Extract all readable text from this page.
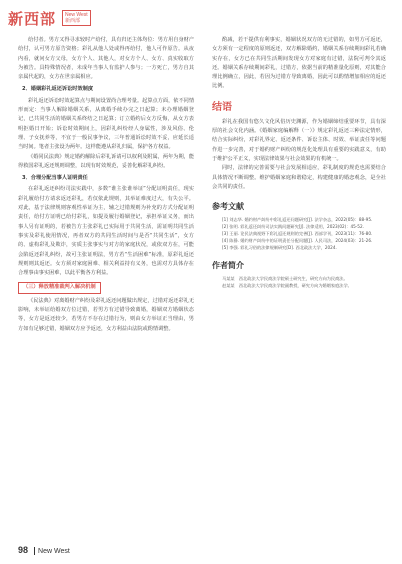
新西部 New West
新西部

给付者。男方又得寻求较时产给付，具有归还主体均位：男方用自身财产给付，认可男方原告资格；彩礼从他人处或得再给付，他人可作原告。从夜内看，就问女方父母，女方个人、其他人，对女方个人、女方、真实收取方为被告。具特殊情况者，未成年当事人有监护人参与；一方死亡，男方自其亲属代起的，女方在世亲属相应。

2．婚姻彩礼返还诉讼时效制度

彩礼返还诉讼时效起算点与期间设置尚合理考量。起算点方面，依不同情形而定：当事人解除婚姻关系，从离婚手续办完之日起算；未办理婚姻登记，已共同生活的婚姻关系终结之日起算；订立婚约后女方反悔，从女方表明拒婚日开始；诉讼时效期间上，因彩礼纠纷经人身属性，涉及风俗、伦理、子女抚养等，不宜于一般民事争议，三年普通诉讼时效不妥，应延长适当时间。笔者主张设为两年。这样能遵从彩礼归属，保护各方权益。

《婚同民法典》规定婚约解除后彩礼诉请可以权利及附属，两年为期，能得救国彩礼返还规则调整，以现有时效规范，妥善化解彩礼纠纷。

3．合理分配当事人证明责任

在彩礼返还纠纷司法实践中，多数“谁主张谁举证”分配证明责任，现实彩礼履给付方请求返还彩礼，若仅依此规则，其举证难度过大，有失公平。对此，基于法律规则客观性举证为主，辅之过错规则为补充的方式分配证明责任，给付方证明已给付彩礼，如提及履行婚姻登记，承担举证义务，而出事人另有证明的，若被告方主张彩礼已实际用于共同生活，需证明共同生活事实及彩礼使用情况，再者双方的共同生活时间与是否“共同生活”，女方的、虚构彩礼及欺诈，实质主张事实与对方的家庭状况，或依双方在，可能会陷返还彩礼纠纷，故可主张证明法，男方若“生活困难”标准，原彩礼返还规则则其返还。女方须对家庭困难、相关利益持有义务，也需对方具体存在合理事由事实困难，以此平衡各方利益。

（三）释放精准裁判入解决机制

《民法典》对离婚财产纠纷及彩礼返还问题做出规定，过错对返还彩礼无影响，未举证给婚双方位过错，若男方有过错导致离婚，婚姻双方婚姻状态等，女方是返还较少，若男方不存在过错行为，则由女方举证正当理由，男方如有足够过错，婚姻双方应予返还，女方利益由法院或酌情调整。

酌减，若干提供有利事实，婚姻状况双方的无过错的，如男方可返还，女方须有一定程度的原则返还，双方解除婚约，婚姻关系存续期间彩礼若确实存在，女方已在共同生活期间发现女方对家庭有过错，法院可判令其返还。婚姻关系存续期间彩礼，过错方，依据当前的精准量化原则，对其能合理比例确立，因此，若因为过错方导致离婚，因此可以酌情增加相应的返还比例。

结语

彩礼在我国有悠久文化风俗历史渊源，作为婚姻缔结重要环节，具有深厚的社会文化内涵。《婚姻家庭编解释（一）》规定彩礼返还三种法定情形，结合实际纠纷，对彩礼界定、返还条件、诉讼主体、时效、举证责任等问题作进一步完善，对于婚约财产纠纷的规范化处理具有重要的实践意义，有助于维护公平正义，实现法律效果与社会效果的有机统一。

同时，法律的完善需要与社会发展相适应，彩礼制度的规范也需要结合具体情况不断调整。维护婚姻家庭和谐稳定，构建健康的婚恋观念，是全社会共同的责任。

参考文献

[1] 刘志华. 婚约财产纠纷中彩礼返还问题研究[J]. 法学杂志，2022(05)：88-95.

[2] 张明. 彩礼返还纠纷司法实践问题研究[J]. 法律适用，2023(02)：45-52.

[3] 王丽. 论民法典视野下彩礼返还规则的完善[J]. 西部学刊，2023(11)：76-80.

[4] 陈静. 婚约财产纠纷中的证明责任分配问题[J]. 人民司法，2024(03)：21-26.

[5] 李强. 彩礼习俗的法律规制研究[D]. 西北政法大学，2024.

作者简介

马某某　西北政法大学民商法学院硕士研究生，研究方向为民商法。

赵某某　西北政法大学民商法学院副教授，研究方向为婚姻家庭法学。

98 New West
